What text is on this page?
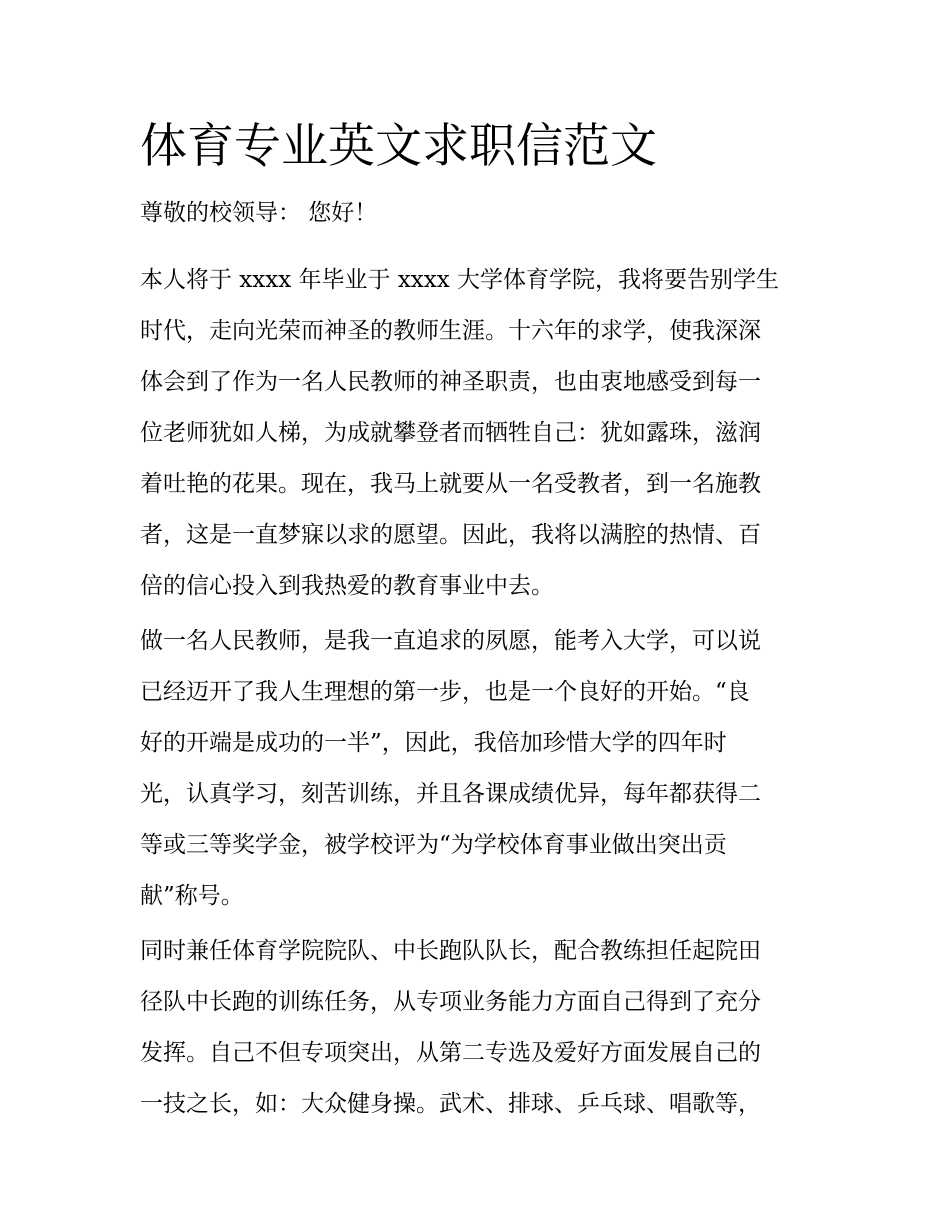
体育专业英文求职信范文
尊敬的校领导： 您好！
本人将于 xxxx 年毕业于 xxxx 大学体育学院，我将要告别学生
时代，走向光荣而神圣的教师生涯。十六年的求学，使我深深
体会到了作为一名人民教师的神圣职责，也由衷地感受到每一
位老师犹如人梯，为成就攀登者而牺牲自己：犹如露珠，滋润
着吐艳的花果。现在，我马上就要从一名受教者，到一名施教
者，这是一直梦寐以求的愿望。因此，我将以满腔的热情、百
倍的信心投入到我热爱的教育事业中去。
做一名人民教师，是我一直追求的夙愿，能考入大学，可以说
已经迈开了我人生理想的第一步，也是一个良好的开始。“良
好的开端是成功的一半”，因此，我倍加珍惜大学的四年时
光，认真学习，刻苦训练，并且各课成绩优异，每年都获得二
等或三等奖学金，被学校评为“为学校体育事业做出突出贡
献”称号。
同时兼任体育学院院队、中长跑队队长，配合教练担任起院田
径队中长跑的训练任务，从专项业务能力方面自己得到了充分
发挥。自己不但专项突出，从第二专选及爱好方面发展自己的
一技之长，如：大众健身操。武术、排球、乒乓球、唱歌等，
